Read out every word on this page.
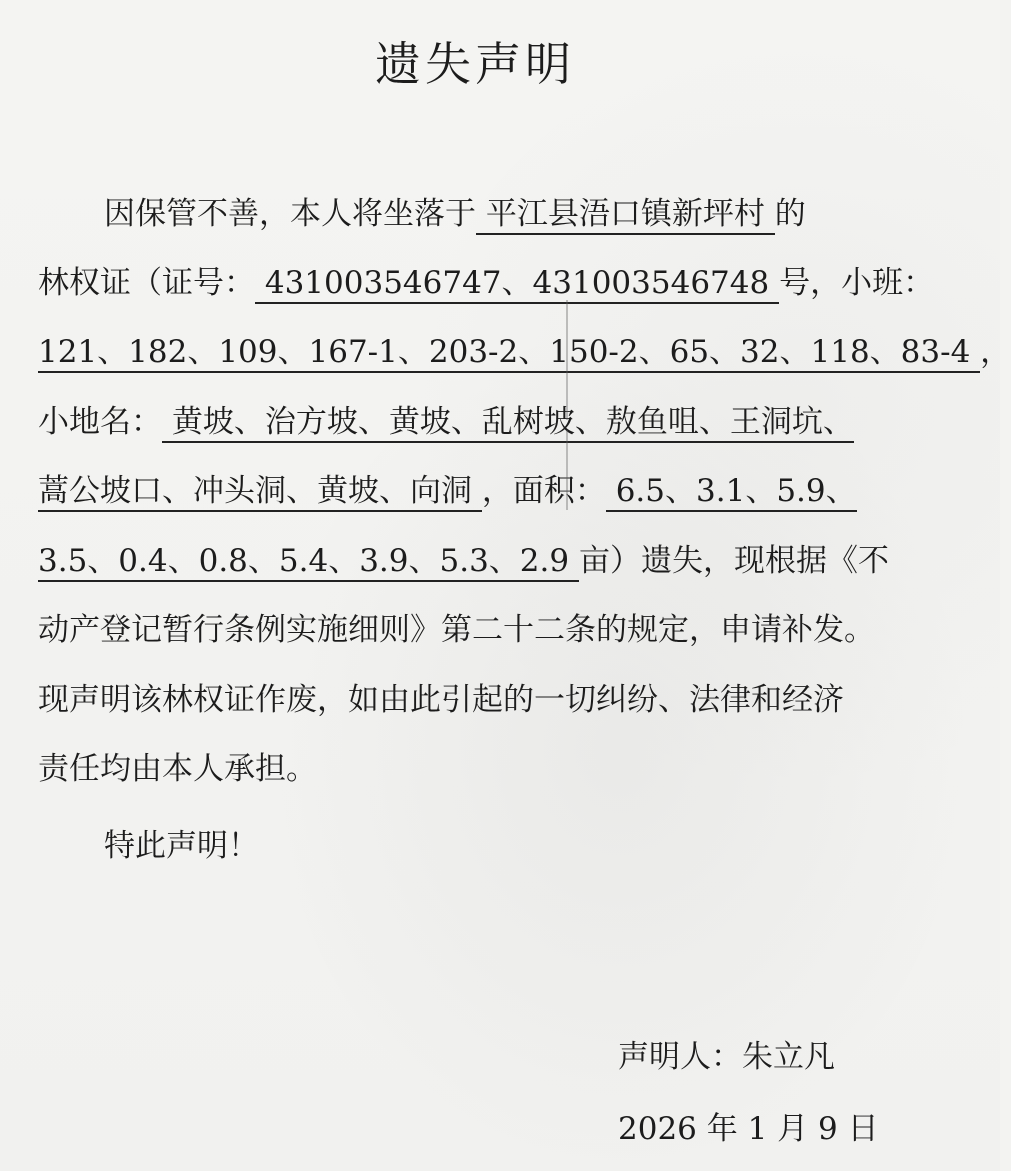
遗失声明
因保管不善，本人将坐落于 平江县浯口镇新坪村 的
林权证（证号： 431003546747、431003546748 号，小班：
121、182、109、167-1、203-2、150-2、65、32、118、83-4 ，
小地名： 黄坡、治方坡、黄坡、乱树坡、敖鱼咀、王洞坑、
蒿公坡口、冲头洞、黄坡、向洞 ，面积： 6.5、3.1、5.9、
3.5、0.4、0.8、5.4、3.9、5.3、2.9 亩）遗失，现根据《不
动产登记暂行条例实施细则》第二十二条的规定，申请补发。
现声明该林权证作废，如由此引起的一切纠纷、法律和经济
责任均由本人承担。
特此声明！
声明人：朱立凡
2026 年 1 月 9 日
